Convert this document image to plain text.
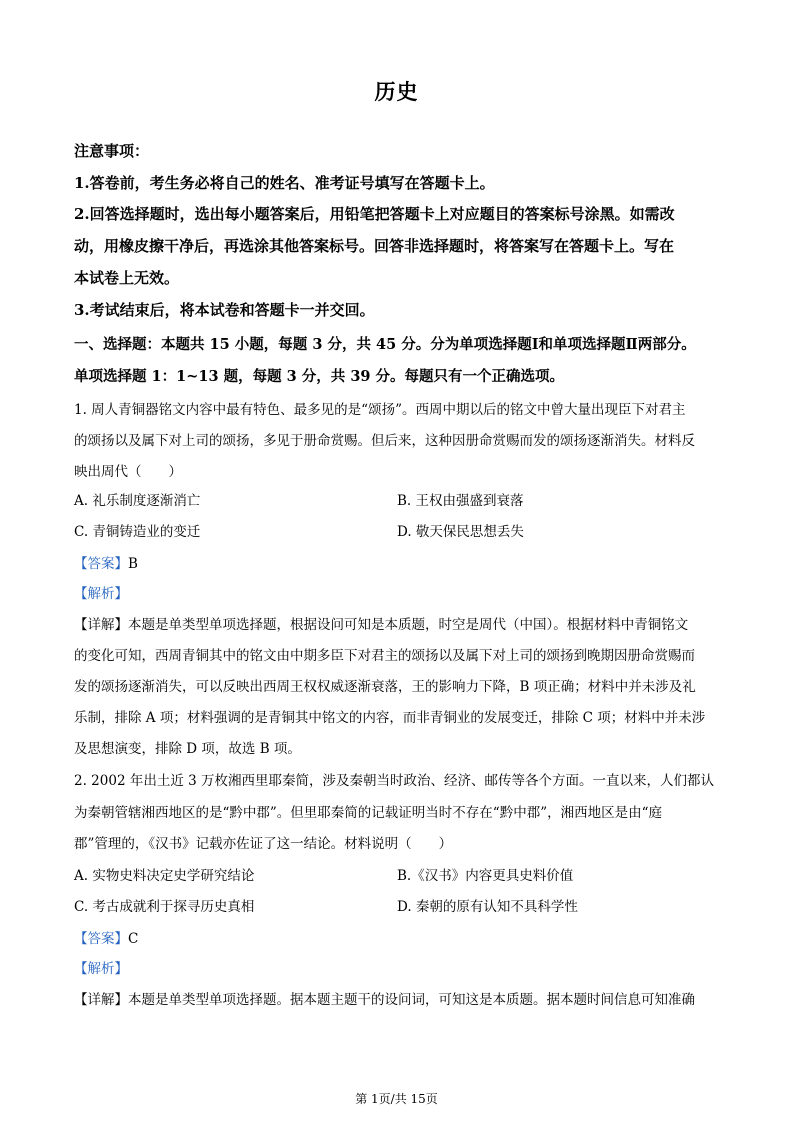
历史
注意事项：
1.答卷前，考生务必将自己的姓名、准考证号填写在答题卡上。
2.回答选择题时，选出每小题答案后，用铅笔把答题卡上对应题目的答案标号涂黑。如需改
动，用橡皮擦干净后，再选涂其他答案标号。回答非选择题时，将答案写在答题卡上。写在
本试卷上无效。
3.考试结束后，将本试卷和答题卡一并交回。
一、选择题：本题共 15 小题，每题 3 分，共 45 分。分为单项选择题Ⅰ和单项选择题Ⅱ两部分。
单项选择题 1：1~13 题，每题 3 分，共 39 分。每题只有一个正确选项。
1. 周人青铜器铭文内容中最有特色、最多见的是“颂扬”。西周中期以后的铭文中曾大量出现臣下对君主
的颂扬以及属下对上司的颂扬，多见于册命赏赐。但后来，这种因册命赏赐而发的颂扬逐渐消失。材料反
映出周代（　　）
A. 礼乐制度逐渐消亡	B. 王权由强盛到衰落
C. 青铜铸造业的变迁	D. 敬天保民思想丢失
【答案】B
【解析】
【详解】本题是单类型单项选择题，根据设问可知是本质题，时空是周代（中国）。根据材料中青铜铭文
的变化可知，西周青铜其中的铭文由中期多臣下对君主的颂扬以及属下对上司的颂扬到晚期因册命赏赐而
发的颂扬逐渐消失，可以反映出西周王权权威逐渐衰落，王的影响力下降，B 项正确；材料中并未涉及礼
乐制，排除 A 项；材料强调的是青铜其中铭文的内容，而非青铜业的发展变迁，排除 C 项；材料中并未涉
及思想演变，排除 D 项，故选 B 项。
2. 2002 年出土近 3 万枚湘西里耶秦简，涉及秦朝当时政治、经济、邮传等各个方面。一直以来，人们都认
为秦朝管辖湘西地区的是“黔中郡”。但里耶秦简的记载证明当时不存在“黔中郡”，湘西地区是由“庭
郡”管理的，《汉书》记载亦佐证了这一结论。材料说明（　　）
A. 实物史料决定史学研究结论	B.《汉书》内容更具史料价值
C. 考古成就利于探寻历史真相	D. 秦朝的原有认知不具科学性
【答案】C
【解析】
【详解】本题是单类型单项选择题。据本题主题干的设问词，可知这是本质题。据本题时间信息可知准确
第 1页/共 15页
